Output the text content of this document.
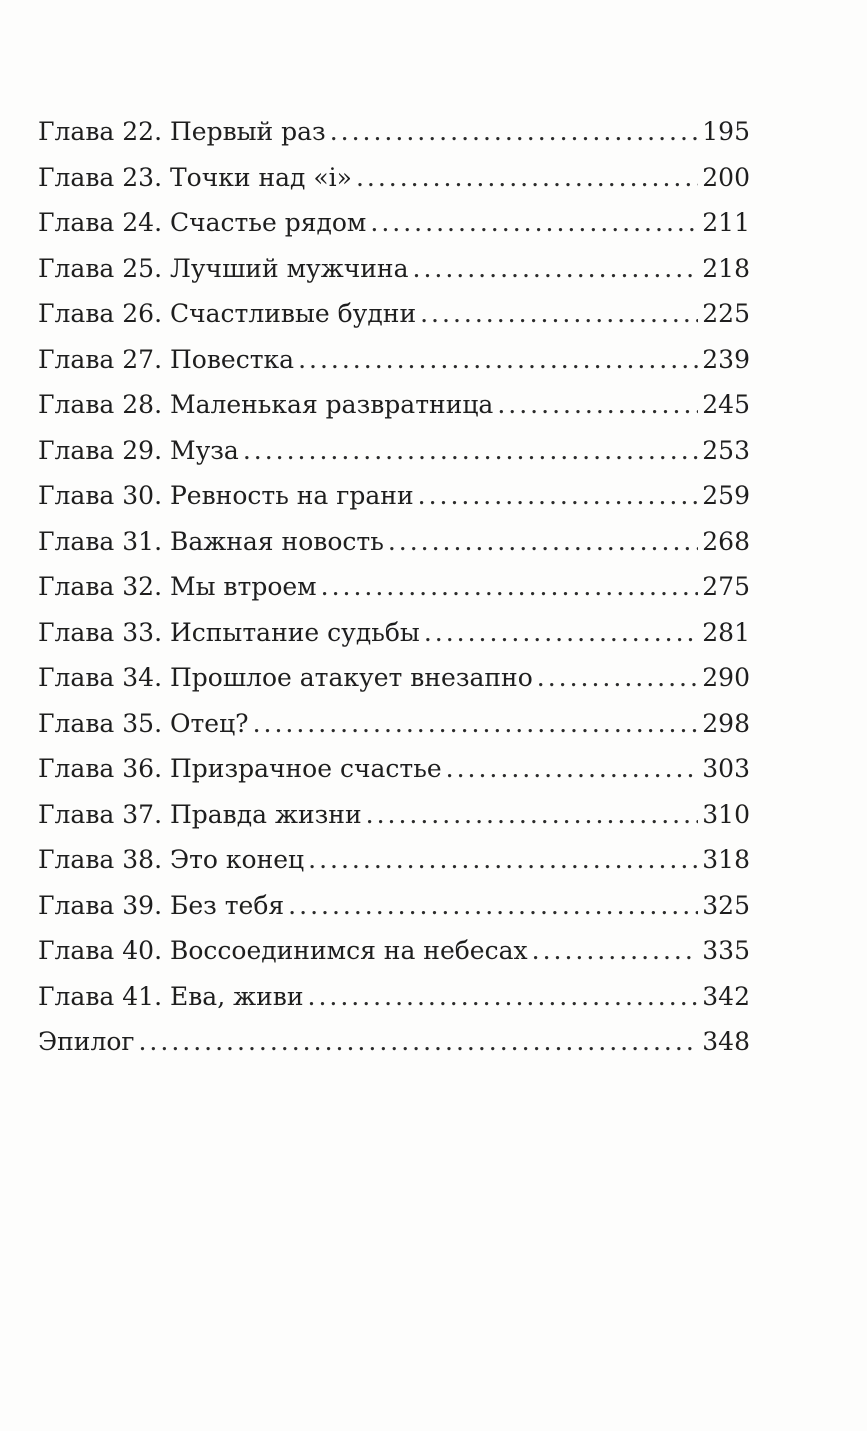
Глава 22. Первый раз .....	195
Глава 23. Точки над «i» .....	200
Глава 24. Счастье рядом .....	211
Глава 25. Лучший мужчина .....	218
Глава 26. Счастливые будни .....	225
Глава 27. Повестка .....	239
Глава 28. Маленькая развратница .....	245
Глава 29. Муза .....	253
Глава 30. Ревность на грани .....	259
Глава 31. Важная новость .....	268
Глава 32. Мы втроем .....	275
Глава 33. Испытание судьбы .....	281
Глава 34. Прошлое атакует внезапно .....	290
Глава 35. Отец? .....	298
Глава 36. Призрачное счастье .....	303
Глава 37. Правда жизни .....	310
Глава 38. Это конец .....	318
Глава 39. Без тебя .....	325
Глава 40. Воссоединимся на небесах .....	335
Глава 41. Ева, живи .....	342
Эпилог .....	348
